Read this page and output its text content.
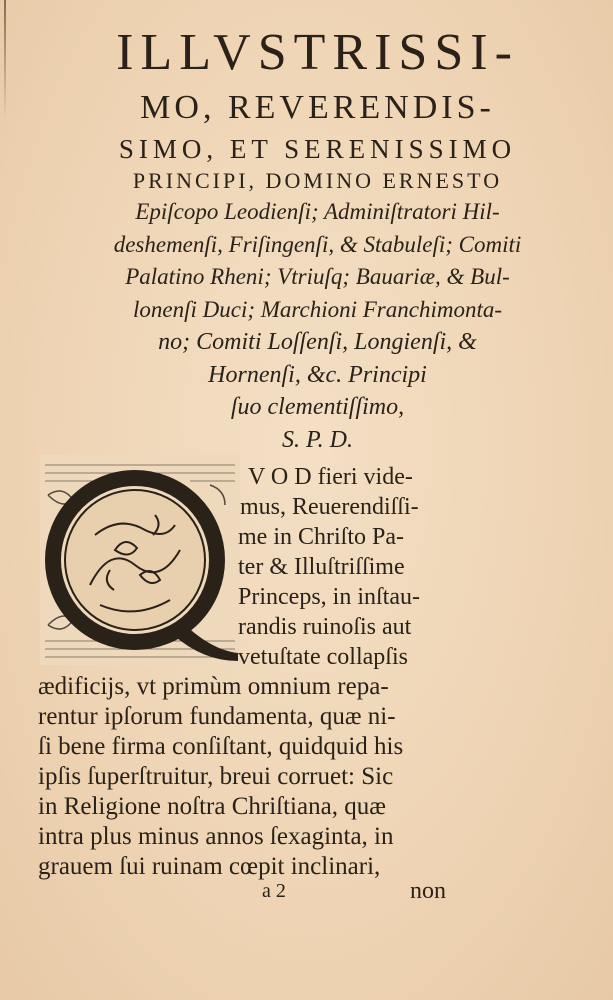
ILLVSTRISSI-
MO, REVERENDIS-
SIMO, ET SERENISSIMO
PRINCIPI, DOMINO ERNESTO
Epiſcopo Leodienſi; Adminiſtratori Hil-
deshemenſi, Friſingenſi, & Stabuleſi; Comiti
Palatino Rheni; Vtriuſq; Bauariæ, & Bul-
lonenſi Duci; Marchioni Franchimonta-
no; Comiti Loſſenſi, Longienſi, &
Hornenſi, &c. Principi
ſuo clementiſſimo,
S. P. D.
V O D fieri vide-
mus, Reuerendiſſi-
me in Chriſto Pa-
ter & Illuſtriſſime
Princeps, in inſtau-
randis ruinoſis aut
vetuſtate collapſis
ædificijs, vt primùm omnium repa-
rentur ipſorum fundamenta, quæ ni-
ſi bene firma conſiſtant, quidquid his
ipſis ſuperſtruitur, breui corruet: Sic
in Religione noſtra Chriſtiana, quæ
intra plus minus annos ſexaginta, in
grauem ſui ruinam cœpit inclinari,
a 2	non
